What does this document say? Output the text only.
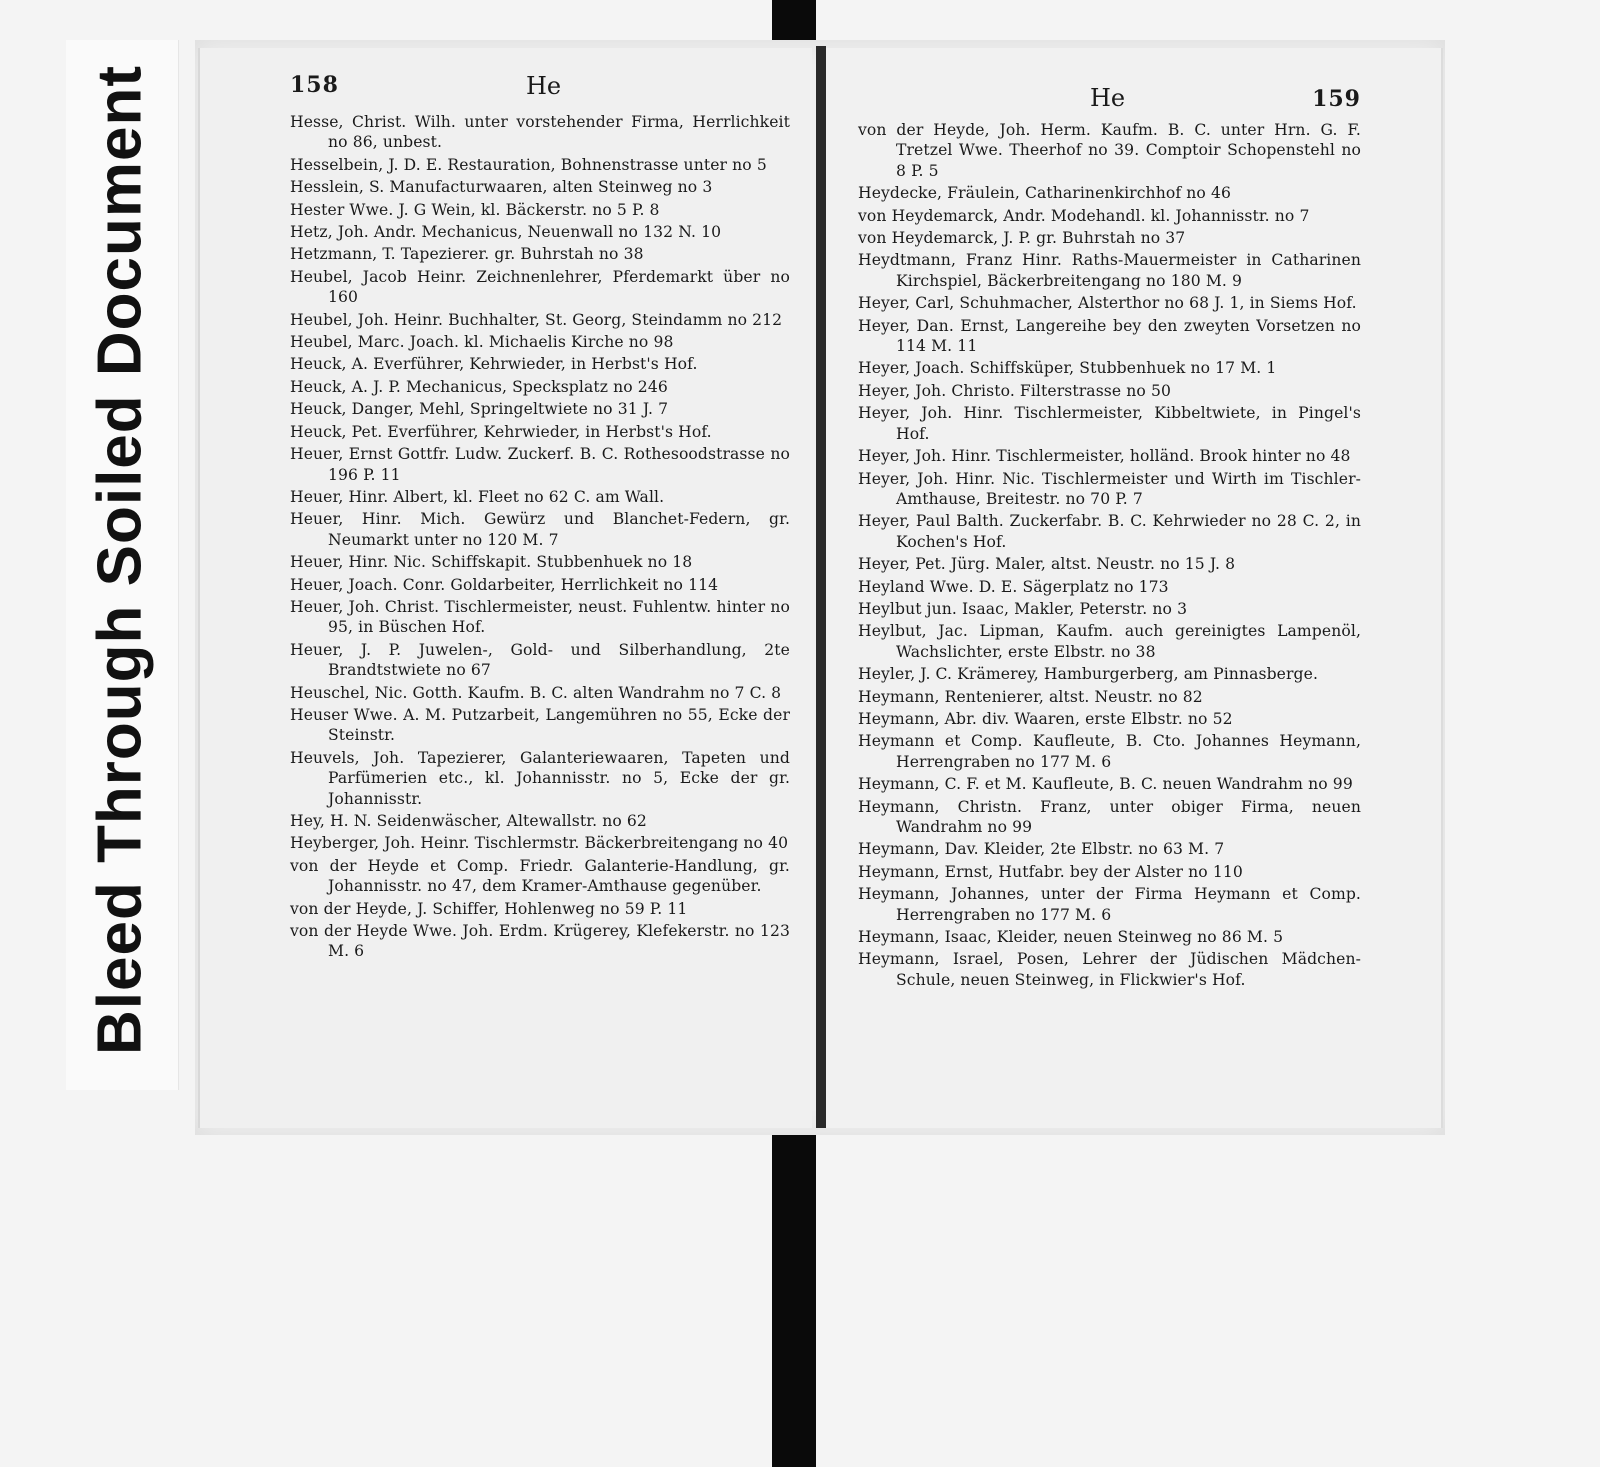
Bleed Through Soiled Document	158	He

Hesse, Christ. Wilh. unter vorstehender Firma, Herrlichkeit no 86, unbest.

Hesselbein, J. D. E. Restauration, Bohnenstrasse unter no 5

Hesslein, S. Manufacturwaaren, alten Steinweg no 3

Hester Wwe. J. G Wein, kl. Bäckerstr. no 5 P. 8

Hetz, Joh. Andr. Mechanicus, Neuenwall no 132 N. 10

Hetzmann, T. Tapezierer. gr. Buhrstah no 38

Heubel, Jacob Heinr. Zeichnenlehrer, Pferdemarkt über no 160

Heubel, Joh. Heinr. Buchhalter, St. Georg, Steindamm no 212

Heubel, Marc. Joach. kl. Michaelis Kirche no 98

Heuck, A. Everführer, Kehrwieder, in Herbst's Hof.

Heuck, A. J. P. Mechanicus, Specksplatz no 246

Heuck, Danger, Mehl, Springeltwiete no 31 J. 7

Heuck, Pet. Everführer, Kehrwieder, in Herbst's Hof.

Heuer, Ernst Gottfr. Ludw. Zuckerf. B. C. Rothesoodstrasse no 196 P. 11

Heuer, Hinr. Albert, kl. Fleet no 62 C. am Wall.

Heuer, Hinr. Mich. Gewürz und Blanchet-Federn, gr. Neumarkt unter no 120 M. 7

Heuer, Hinr. Nic. Schiffskapit. Stubbenhuek no 18

Heuer, Joach. Conr. Goldarbeiter, Herrlichkeit no 114

Heuer, Joh. Christ. Tischlermeister, neust. Fuhlentw. hinter no 95, in Büschen Hof.

Heuer, J. P. Juwelen-, Gold- und Silberhandlung, 2te Brandtstwiete no 67

Heuschel, Nic. Gotth. Kaufm. B. C. alten Wandrahm no 7 C. 8

Heuser Wwe. A. M. Putzarbeit, Langemühren no 55, Ecke der Steinstr.

Heuvels, Joh. Tapezierer, Galanteriewaaren, Tapeten und Parfümerien etc., kl. Johannisstr. no 5, Ecke der gr. Johannisstr.

Hey, H. N. Seidenwäscher, Altewallstr. no 62

Heyberger, Joh. Heinr. Tischlermstr. Bäckerbreitengang no 40

von der Heyde et Comp. Friedr. Galanterie-Handlung, gr. Johannisstr. no 47, dem Kramer-Amthause gegenüber.

von der Heyde, J. Schiffer, Hohlenweg no 59 P. 11

von der Heyde Wwe. Joh. Erdm. Krügerey, Klefekerstr. no 123 M. 6

He	159

von der Heyde, Joh. Herm. Kaufm. B. C. unter Hrn. G. F. Tretzel Wwe. Theerhof no 39. Comptoir Schopenstehl no 8 P. 5

Heydecke, Fräulein, Catharinenkirchhof no 46

von Heydemarck, Andr. Modehandl. kl. Johannisstr. no 7

von Heydemarck, J. P. gr. Buhrstah no 37

Heydtmann, Franz Hinr. Raths-Mauermeister in Catharinen Kirchspiel, Bäckerbreitengang no 180 M. 9

Heyer, Carl, Schuhmacher, Alsterthor no 68 J. 1, in Siems Hof.

Heyer, Dan. Ernst, Langereihe bey den zweyten Vorsetzen no 114 M. 11

Heyer, Joach. Schiffsküper, Stubbenhuek no 17 M. 1

Heyer, Joh. Christo. Filterstrasse no 50

Heyer, Joh. Hinr. Tischlermeister, Kibbeltwiete, in Pingel's Hof.

Heyer, Joh. Hinr. Tischlermeister, holländ. Brook hinter no 48

Heyer, Joh. Hinr. Nic. Tischlermeister und Wirth im Tischler-Amthause, Breitestr. no 70 P. 7

Heyer, Paul Balth. Zuckerfabr. B. C. Kehrwieder no 28 C. 2, in Kochen's Hof.

Heyer, Pet. Jürg. Maler, altst. Neustr. no 15 J. 8

Heyland Wwe. D. E. Sägerplatz no 173

Heylbut jun. Isaac, Makler, Peterstr. no 3

Heylbut, Jac. Lipman, Kaufm. auch gereinigtes Lampenöl, Wachslichter, erste Elbstr. no 38

Heyler, J. C. Krämerey, Hamburgerberg, am Pinnasberge.

Heymann, Rentenierer, altst. Neustr. no 82

Heymann, Abr. div. Waaren, erste Elbstr. no 52

Heymann et Comp. Kaufleute, B. Cto. Johannes Heymann, Herrengraben no 177 M. 6

Heymann, C. F. et M. Kaufleute, B. C. neuen Wandrahm no 99

Heymann, Christn. Franz, unter obiger Firma, neuen Wandrahm no 99

Heymann, Dav. Kleider, 2te Elbstr. no 63 M. 7

Heymann, Ernst, Hutfabr. bey der Alster no 110

Heymann, Johannes, unter der Firma Heymann et Comp. Herrengraben no 177 M. 6

Heymann, Isaac, Kleider, neuen Steinweg no 86 M. 5

Heymann, Israel, Posen, Lehrer der Jüdischen Mädchen-Schule, neuen Steinweg, in Flickwier's Hof.
